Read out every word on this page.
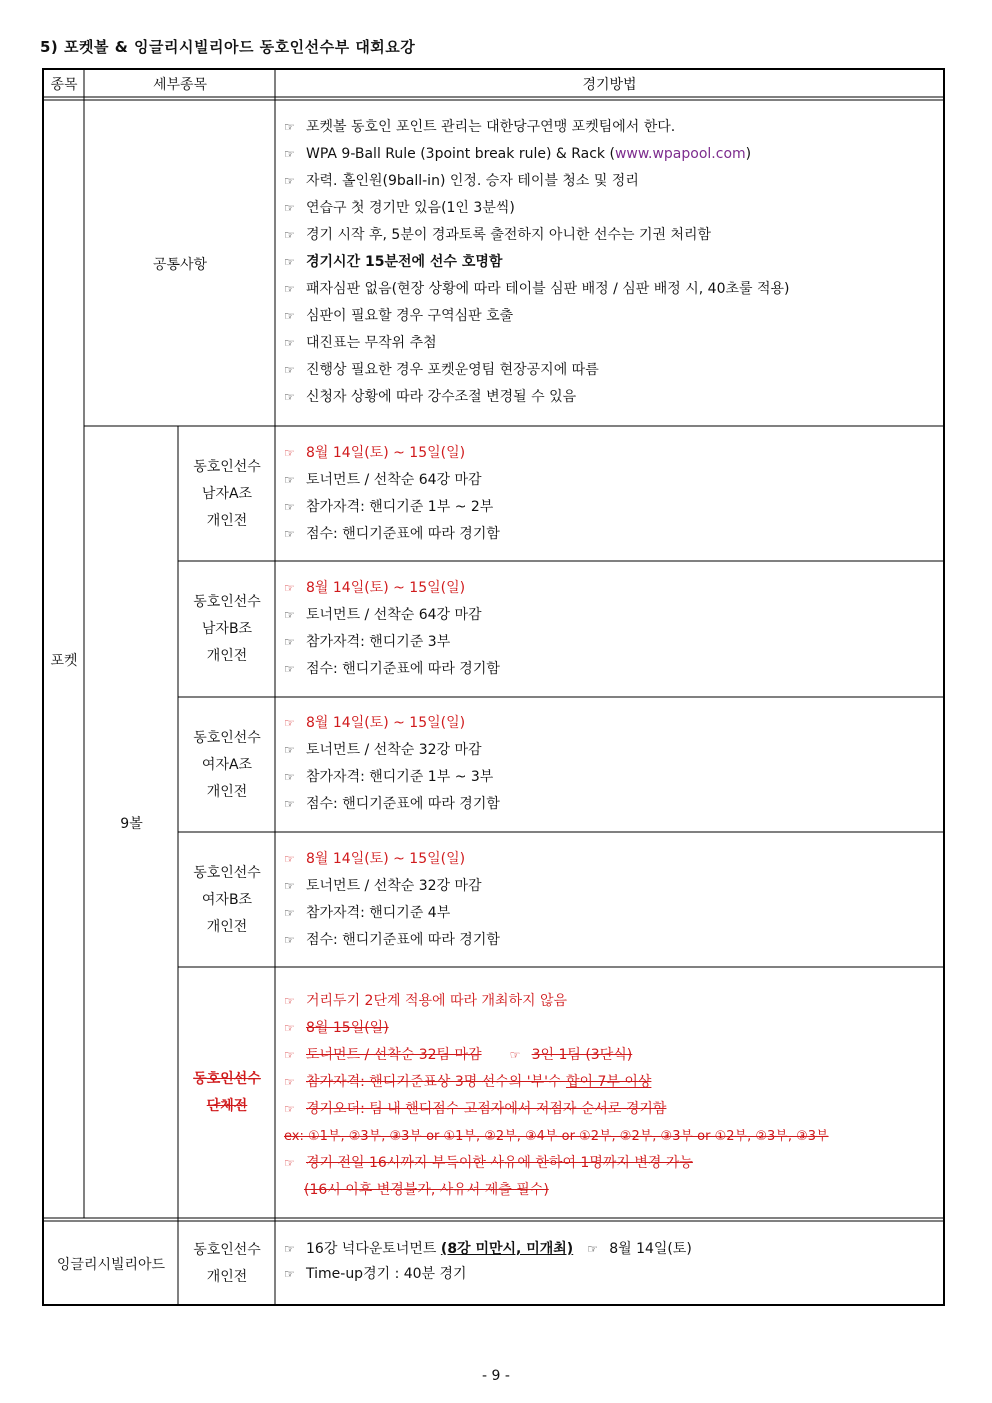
5) 포켓볼 & 잉글리시빌리아드 동호인선수부 대회요강
종목	세부종목	경기방법
포켓
공통사항
9볼
☞ 포켓볼 동호인 포인트 관리는 대한당구연맹 포켓팀에서 한다.
☞ WPA 9-Ball Rule (3point break rule) & Rack (www.wpapool.com)
☞ 자력. 홀인원(9ball-in) 인정. 승자 테이블 청소 및 정리
☞ 연습구 첫 경기만 있음(1인 3분씩)
☞ 경기 시작 후, 5분이 경과토록 출전하지 아니한 선수는 기권 처리함
☞ 경기시간 15분전에 선수 호명함
☞ 패자심판 없음(현장 상황에 따라 테이블 심판 배정 / 심판 배정 시, 40초룰 적용)
☞ 심판이 필요할 경우 구역심판 호출
☞ 대진표는 무작위 추첨
☞ 진행상 필요한 경우 포켓운영팀 현장공지에 따름
☞ 신청자 상황에 따라 강수조절 변경될 수 있음
동호인선수
남자A조
개인전
☞ 8월 14일(토) ~ 15일(일)
☞ 토너먼트 / 선착순 64강 마감
☞ 참가자격: 핸디기준 1부 ~ 2부
☞ 점수: 핸디기준표에 따라 경기함
동호인선수
남자B조
개인전
☞ 8월 14일(토) ~ 15일(일)
☞ 토너먼트 / 선착순 64강 마감
☞ 참가자격: 핸디기준 3부
☞ 점수: 핸디기준표에 따라 경기함
동호인선수
여자A조
개인전
☞ 8월 14일(토) ~ 15일(일)
☞ 토너먼트 / 선착순 32강 마감
☞ 참가자격: 핸디기준 1부 ~ 3부
☞ 점수: 핸디기준표에 따라 경기함
동호인선수
여자B조
개인전
☞ 8월 14일(토) ~ 15일(일)
☞ 토너먼트 / 선착순 32강 마감
☞ 참가자격: 핸디기준 4부
☞ 점수: 핸디기준표에 따라 경기함
동호인선수
단체전
☞ 거리두기 2단계 적용에 따라 개최하지 않음
☞ 8월 15일(일)
☞ 토너먼트 / 선착순 32팀 마감 ☞ 3인 1팀 (3단식)
☞ 참가자격: 핸디기준표상 3명 선수의 '부'수 합이 7부 이상
☞ 경기오더: 팀 내 핸디점수 고점자에서 저점자 순서로 경기함
ex: ①1부, ②3부, ③3부 or ①1부, ②2부, ③4부 or ①2부, ②2부, ③3부 or ①2부, ②3부, ③3부
☞ 경기 전일 16시까지 부득이한 사유에 한하여 1명까지 변경 가능
(16시 이후 변경불가, 사유서 제출 필수)
잉글리시빌리아드
동호인선수
개인전
☞ 16강 넉다운토너먼트 (8강 미만시, 미개최) ☞ 8월 14일(토)
☞ Time-up경기 : 40분 경기
- 9 -
